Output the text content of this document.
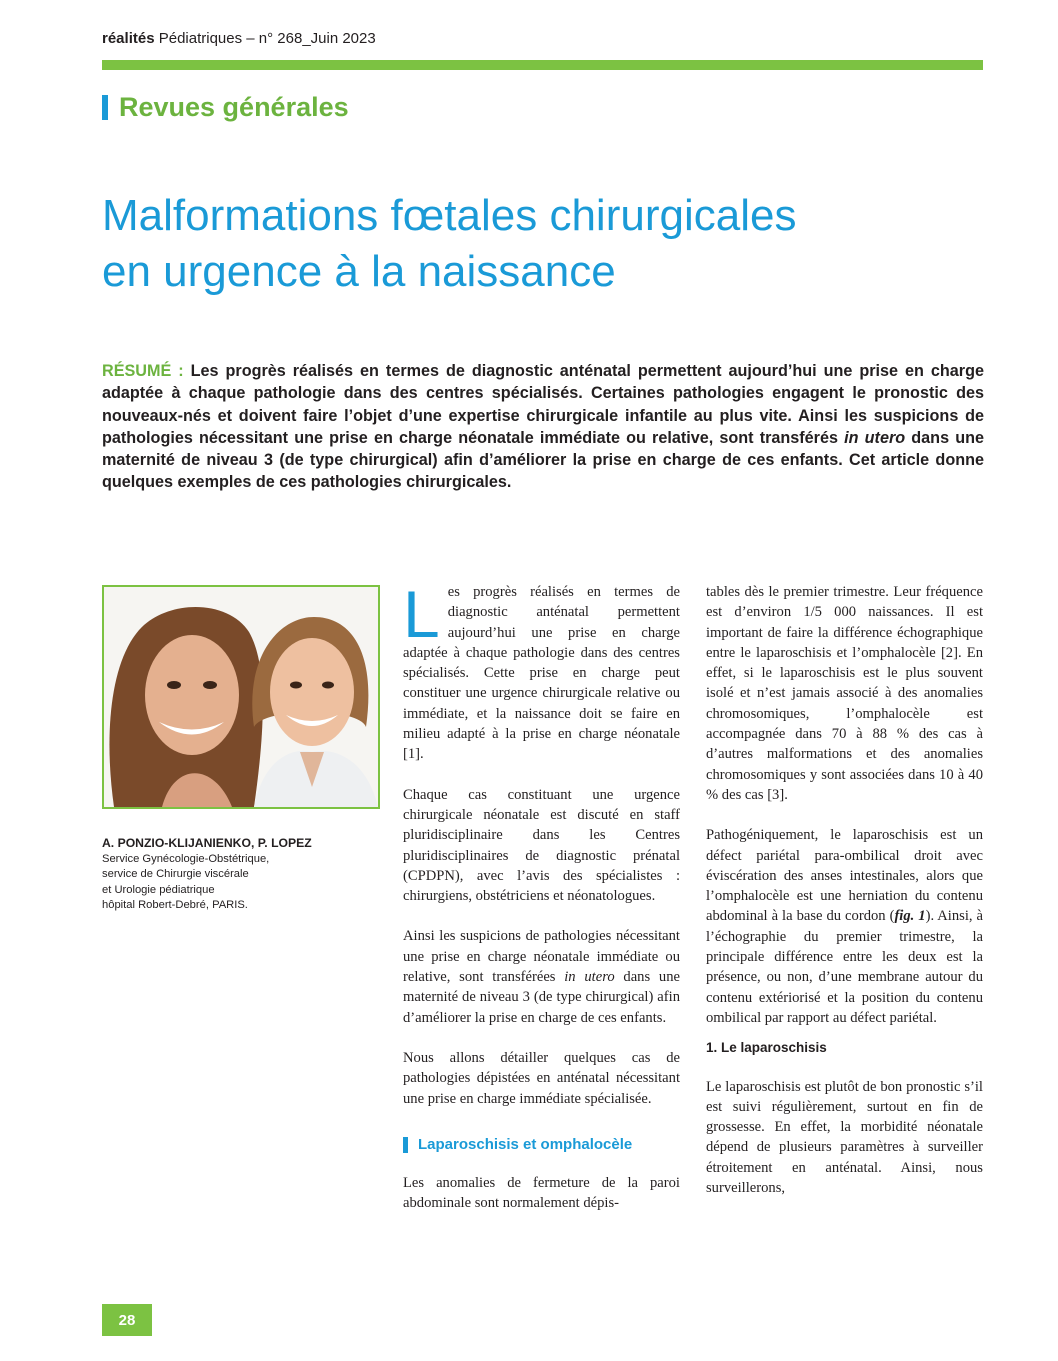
réalités Pédiatriques – n° 268_Juin 2023
Revues générales
Malformations fœtales chirurgicales
en urgence à la naissance
RÉSUMÉ : Les progrès réalisés en termes de diagnostic anténatal permettent aujourd’hui une prise en charge adaptée à chaque pathologie dans des centres spécialisés. Certaines pathologies engagent le pronostic des nouveaux-nés et doivent faire l’objet d’une expertise chirurgicale infantile au plus vite. Ainsi les suspicions de pathologies nécessitant une prise en charge néonatale immédiate ou relative, sont transférés in utero dans une maternité de niveau 3 (de type chirurgical) afin d’améliorer la prise en charge de ces enfants. Cet article donne quelques exemples de ces pathologies chirurgicales.
A. PONZIO-KLIJANIENKO, P. LOPEZ
Service Gynécologie-Obstétrique,
service de Chirurgie viscérale
et Urologie pédiatrique
hôpital Robert-Debré, PARIS.

Les progrès réalisés en termes de diagnostic anténatal permettent aujourd’hui une prise en charge adaptée à chaque pathologie dans des centres spécialisés. Cette prise en charge peut constituer une urgence chirurgicale relative ou immédiate, et la naissance doit se faire en milieu adapté à la prise en charge néonatale [1].

Chaque cas constituant une urgence chirurgicale néonatale est discuté en staff pluridisciplinaire dans les Centres pluridisciplinaires de diagnostic prénatal (CPDPN), avec l’avis des spécialistes : chirurgiens, obstétriciens et néonatologues.

Ainsi les suspicions de pathologies nécessitant une prise en charge néonatale immédiate ou relative, sont transférées in utero dans une maternité de niveau 3 (de type chirurgical) afin d’améliorer la prise en charge de ces enfants.

Nous allons détailler quelques cas de pathologies dépistées en anténatal nécessitant une prise en charge immédiate spécialisée.

Laparoschisis et omphalocèle

Les anomalies de fermeture de la paroi abdominale sont normalement dépis-

tables dès le premier trimestre. Leur fréquence est d’environ 1/5 000 naissances. Il est important de faire la différence échographique entre le laparoschisis et l’omphalocèle [2]. En effet, si le laparoschisis est le plus souvent isolé et n’est jamais associé à des anomalies chromosomiques, l’omphalocèle est accompagnée dans 70 à 88 % des cas à d’autres malformations et des anomalies chromosomiques y sont associées dans 10 à 40 % des cas [3].

Pathogéniquement, le laparoschisis est un défect pariétal para-ombilical droit avec éviscération des anses intestinales, alors que l’omphalocèle est une herniation du contenu abdominal à la base du cordon (fig. 1). Ainsi, à l’échographie du premier trimestre, la principale différence entre les deux est la présence, ou non, d’une membrane autour du contenu extériorisé et la position du contenu ombilical par rapport au défect pariétal.

1. Le laparoschisis

Le laparoschisis est plutôt de bon pronostic s’il est suivi régulièrement, surtout en fin de grossesse. En effet, la morbidité néonatale dépend de plusieurs paramètres à surveiller étroitement en anténatal. Ainsi, nous surveillerons,

28
